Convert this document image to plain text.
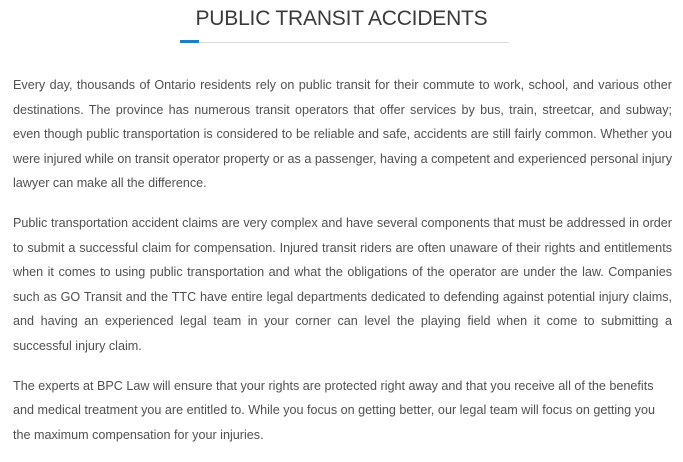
PUBLIC TRANSIT ACCIDENTS

Every day, thousands of Ontario residents rely on public transit for their commute to work, school, and various other destinations. The province has numerous transit operators that offer services by bus, train, streetcar, and subway; even though public transportation is considered to be reliable and safe, accidents are still fairly common. Whether you were injured while on transit operator property or as a passenger, having a competent and experienced personal injury lawyer can make all the difference.

Public transportation accident claims are very complex and have several components that must be addressed in order to submit a successful claim for compensation. Injured transit riders are often unaware of their rights and entitlements when it comes to using public transportation and what the obligations of the operator are under the law. Companies such as GO Transit and the TTC have entire legal departments dedicated to defending against potential injury claims, and having an experienced legal team in your corner can level the playing field when it come to submitting a successful injury claim.

The experts at BPC Law will ensure that your rights are protected right away and that you receive all of the benefits and medical treatment you are entitled to. While you focus on getting better, our legal team will focus on getting you the maximum compensation for your injuries.
